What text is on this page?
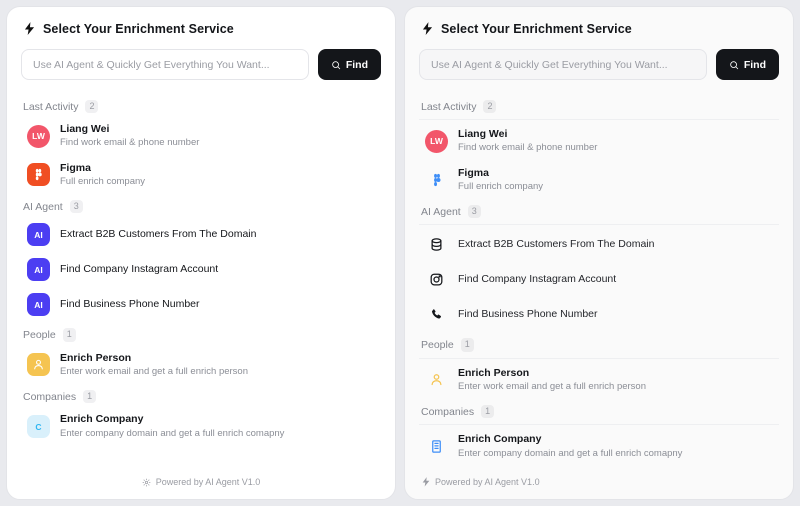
Select Your Enrichment Service
Use AI Agent & Quickly Get Everything You Want...
Find
Last Activity	2
LW
Liang Wei
Find work email & phone number
Figma
Full enrich company
AI Agent	3
AI Extract B2B Customers From The Domain
AI Find Company Instagram Account
AI Find Business Phone Number
People	1
Enrich Person
Enter work email and get a full enrich person
Companies	1
C
Enrich Company
Enter company domain and get a full enrich comapny
Powered by AI Agent V1.0
Select Your Enrichment Service
Use AI Agent & Quickly Get Everything You Want...
Find
Last Activity	2
LW
Liang Wei
Find work email & phone number
Figma
Full enrich company
AI Agent	3
Extract B2B Customers From The Domain
Find Company Instagram Account
Find Business Phone Number
People	1
Enrich Person
Enter work email and get a full enrich person
Companies	1
Enrich Company
Enter company domain and get a full enrich comapny
Powered by AI Agent V1.0
